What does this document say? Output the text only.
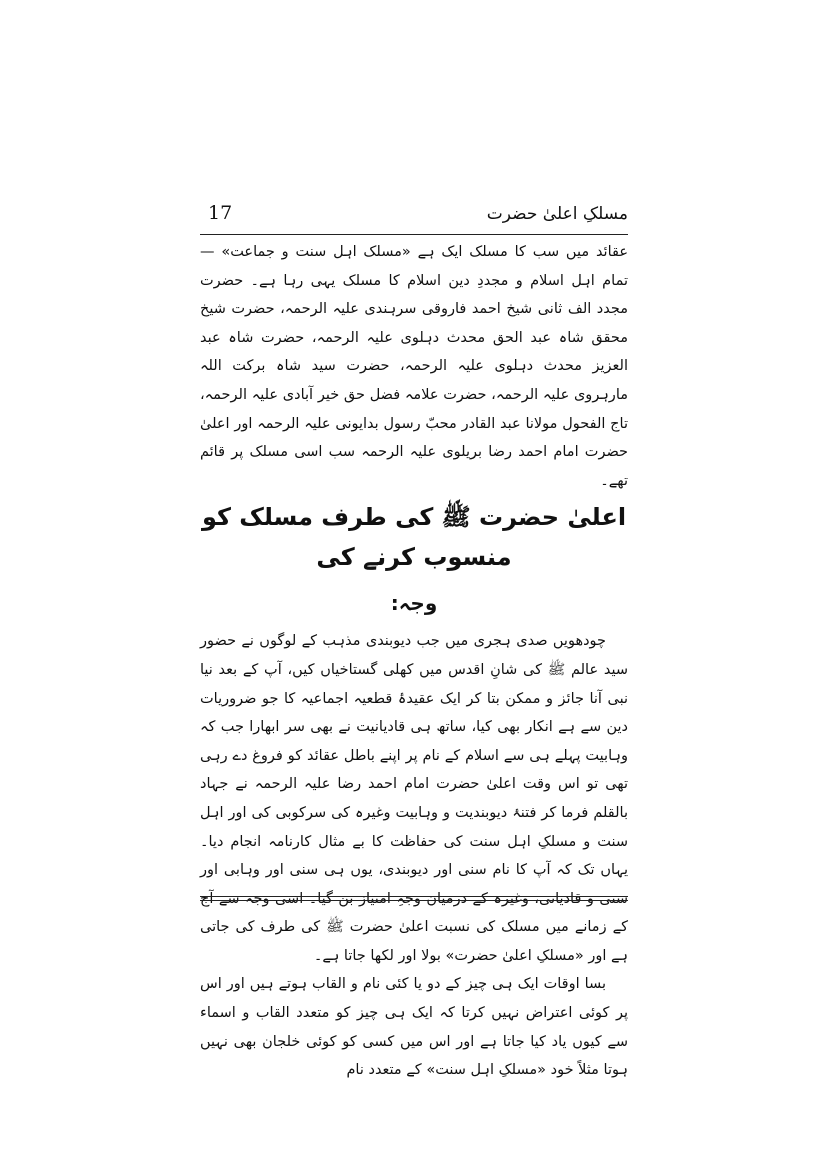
مسلکِ اعلیٰ حضرت
17

عقائد میں سب کا مسلک ایک ہے «مسلک اہل سنت و جماعت» — تمام اہل اسلام و مجددِ دین اسلام کا مسلک یہی رہا ہے۔ حضرت مجدد الف ثانی شیخ احمد فاروقی سرہندی علیہ الرحمہ، حضرت شیخ محقق شاہ عبد الحق محدث دہلوی علیہ الرحمہ، حضرت شاہ عبد العزیز محدث دہلوی علیہ الرحمہ، حضرت سید شاہ برکت اللہ مارہروی علیہ الرحمہ، حضرت علامہ فضل حق خیر آبادی علیہ الرحمہ، تاج الفحول مولانا عبد القادر محبّ رسول بدایونی علیہ الرحمہ اور اعلیٰ حضرت امام احمد رضا بریلوی علیہ الرحمہ سب اسی مسلک پر قائم تھے۔

اعلیٰ حضرت ﷺ کی طرف مسلک کو منسوب کرنے کی
وجہ:

چودھویں صدی ہجری میں جب دیوبندی مذہب کے لوگوں نے حضور سید عالم ﷺ کی شانِ اقدس میں کھلی گستاخیاں کیں، آپ کے بعد نیا نبی آنا جائز و ممکن بتا کر ایک عقیدۂ قطعیہ اجماعیہ کا جو ضروریات دین سے ہے انکار بھی کیا، ساتھ ہی قادیانیت نے بھی سر ابھارا جب کہ وہابیت پہلے ہی سے اسلام کے نام پر اپنے باطل عقائد کو فروغ دے رہی تھی تو اس وقت اعلیٰ حضرت امام احمد رضا علیہ الرحمہ نے جہاد بالقلم فرما کر فتنۂ دیوبندیت و وہابیت وغیرہ کی سرکوبی کی اور اہل سنت و مسلکِ اہل سنت کی حفاظت کا بے مثال کارنامہ انجام دیا۔ یہاں تک کہ آپ کا نام سنی اور دیوبندی، یوں ہی سنی اور وہابی اور سنی و قادیانی، وغیرہ کے درمیان وجہِ امتیاز بن گیا۔ اسی وجہ سے آج کے زمانے میں مسلک کی نسبت اعلیٰ حضرت ﷺ کی طرف کی جاتی ہے اور «مسلکِ اعلیٰ حضرت» بولا اور لکھا جاتا ہے۔

بسا اوقات ایک ہی چیز کے دو یا کئی نام و القاب ہوتے ہیں اور اس پر کوئی اعتراض نہیں کرتا کہ ایک ہی چیز کو متعدد القاب و اسماء سے کیوں یاد کیا جاتا ہے اور اس میں کسی کو کوئی خلجان بھی نہیں ہوتا مثلاً خود «مسلکِ اہل سنت» کے متعدد نام
